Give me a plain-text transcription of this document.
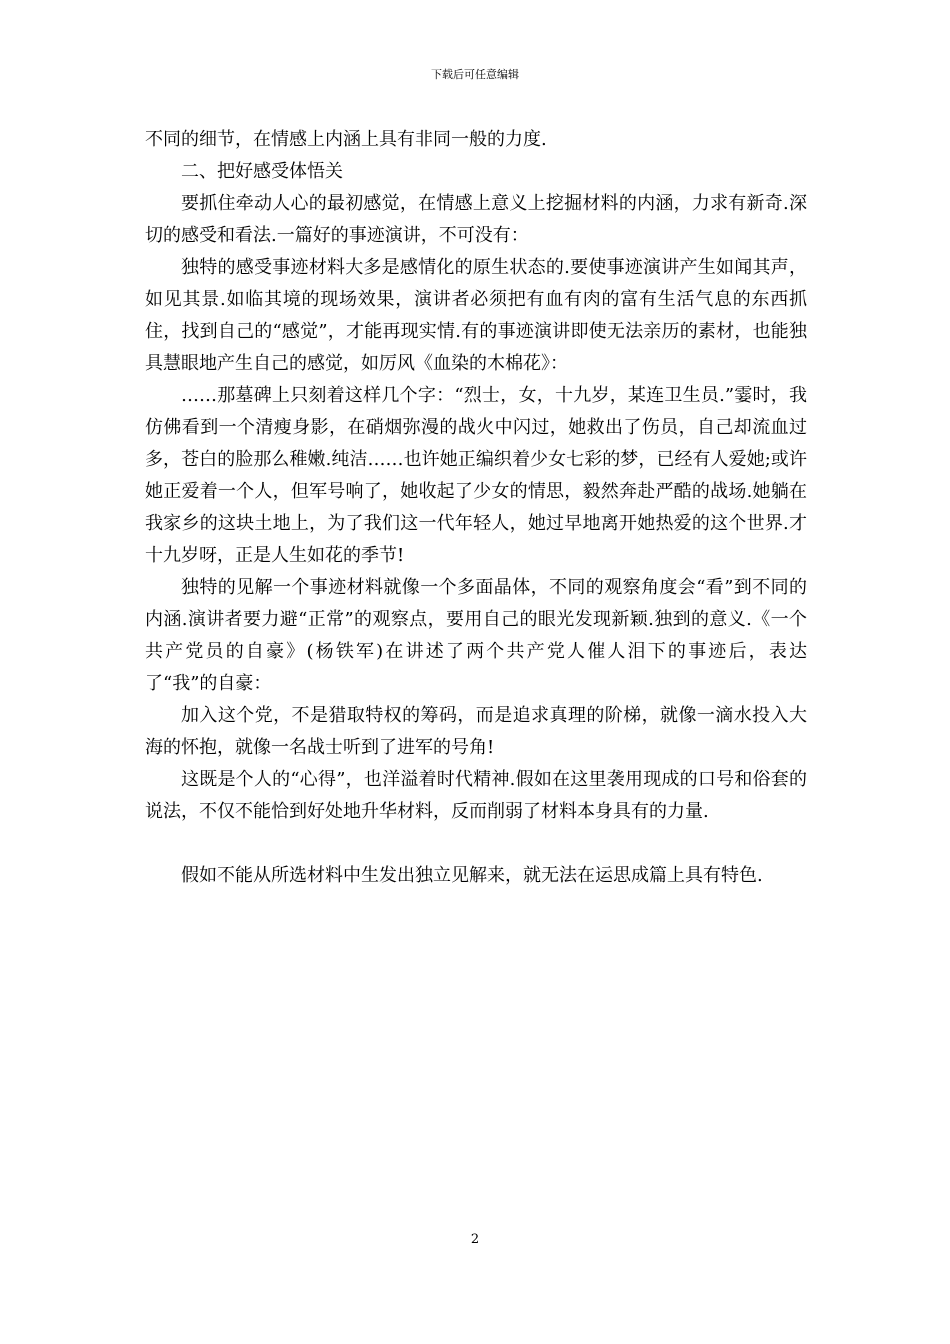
下载后可任意编辑

不同的细节，在情感上内涵上具有非同一般的力度.

二、把好感受体悟关

要抓住牵动人心的最初感觉，在情感上意义上挖掘材料的内涵，力求有新奇.深切的感受和看法.一篇好的事迹演讲，不可没有：

独特的感受事迹材料大多是感情化的原生状态的.要使事迹演讲产生如闻其声，如见其景.如临其境的现场效果，演讲者必须把有血有肉的富有生活气息的东西抓住，找到自己的“感觉”，才能再现实情.有的事迹演讲即使无法亲历的素材，也能独具慧眼地产生自己的感觉，如厉风《血染的木棉花》：

……那墓碑上只刻着这样几个字：“烈士，女，十九岁，某连卫生员.”霎时，我仿佛看到一个清瘦身影，在硝烟弥漫的战火中闪过，她救出了伤员，自己却流血过多，苍白的脸那么稚嫩.纯洁……也许她正编织着少女七彩的梦，已经有人爱她;或许她正爱着一个人，但军号响了，她收起了少女的情思，毅然奔赴严酷的战场.她躺在我家乡的这块土地上，为了我们这一代年轻人，她过早地离开她热爱的这个世界.才十九岁呀，正是人生如花的季节!

独特的见解一个事迹材料就像一个多面晶体，不同的观察角度会“看”到不同的内涵.演讲者要力避“正常”的观察点，要用自己的眼光发现新颖.独到的意义.《一个共产党员的自豪》(杨铁军)在讲述了两个共产党人催人泪下的事迹后，表达了“我”的自豪：

加入这个党，不是猎取特权的筹码，而是追求真理的阶梯，就像一滴水投入大海的怀抱，就像一名战士听到了进军的号角!

这既是个人的“心得”，也洋溢着时代精神.假如在这里袭用现成的口号和俗套的说法，不仅不能恰到好处地升华材料，反而削弱了材料本身具有的力量.

假如不能从所选材料中生发出独立见解来，就无法在运思成篇上具有特色.

2
